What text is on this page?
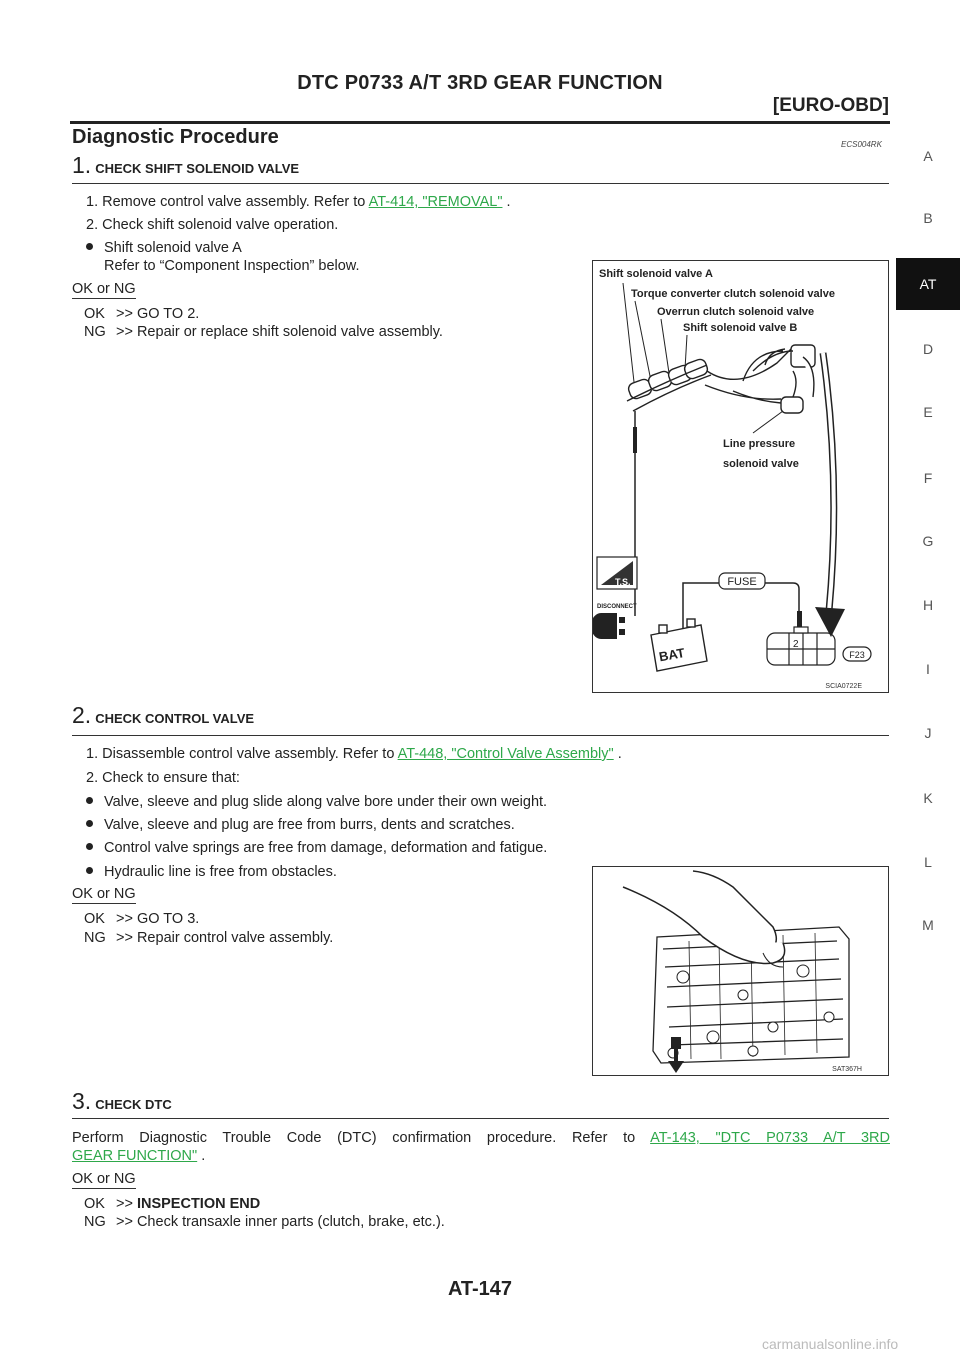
DTC P0733 A/T 3RD GEAR FUNCTION
[EURO-OBD]
Diagnostic Procedure	ECS004RK
1. CHECK SHIFT SOLENOID VALVE
1. Remove control valve assembly. Refer to AT-414, "REMOVAL" .
2. Check shift solenoid valve operation.
Shift solenoid valve A
Refer to “Component Inspection” below.
OK or NG
OK >> GO TO 2.
NG >> Repair or replace shift solenoid valve assembly.
Shift solenoid valve A
Torque converter clutch solenoid valve
Overrun clutch solenoid valve
Shift solenoid valve B
Line pressure
solenoid valve
FUSE
BAT
T.S.
DISCONNECT
2
F23
SCIA0722E
2. CHECK CONTROL VALVE
1. Disassemble control valve assembly. Refer to AT-448, "Control Valve Assembly" .
2. Check to ensure that:
Valve, sleeve and plug slide along valve bore under their own weight.
Valve, sleeve and plug are free from burrs, dents and scratches.
Control valve springs are free from damage, deformation and fatigue.
Hydraulic line is free from obstacles.
OK or NG
OK >> GO TO 3.
NG >> Repair control valve assembly.
SAT367H
3. CHECK DTC
Perform Diagnostic Trouble Code (DTC) confirmation procedure. Refer to AT-143, "DTC P0733 A/T 3RD
GEAR FUNCTION" .
OK or NG
OK >> INSPECTION END
NG >> Check transaxle inner parts (clutch, brake, etc.).
A
B
AT
D
E
F
G
H
I
J
K
L
M
AT-147
carmanualsonline.info
